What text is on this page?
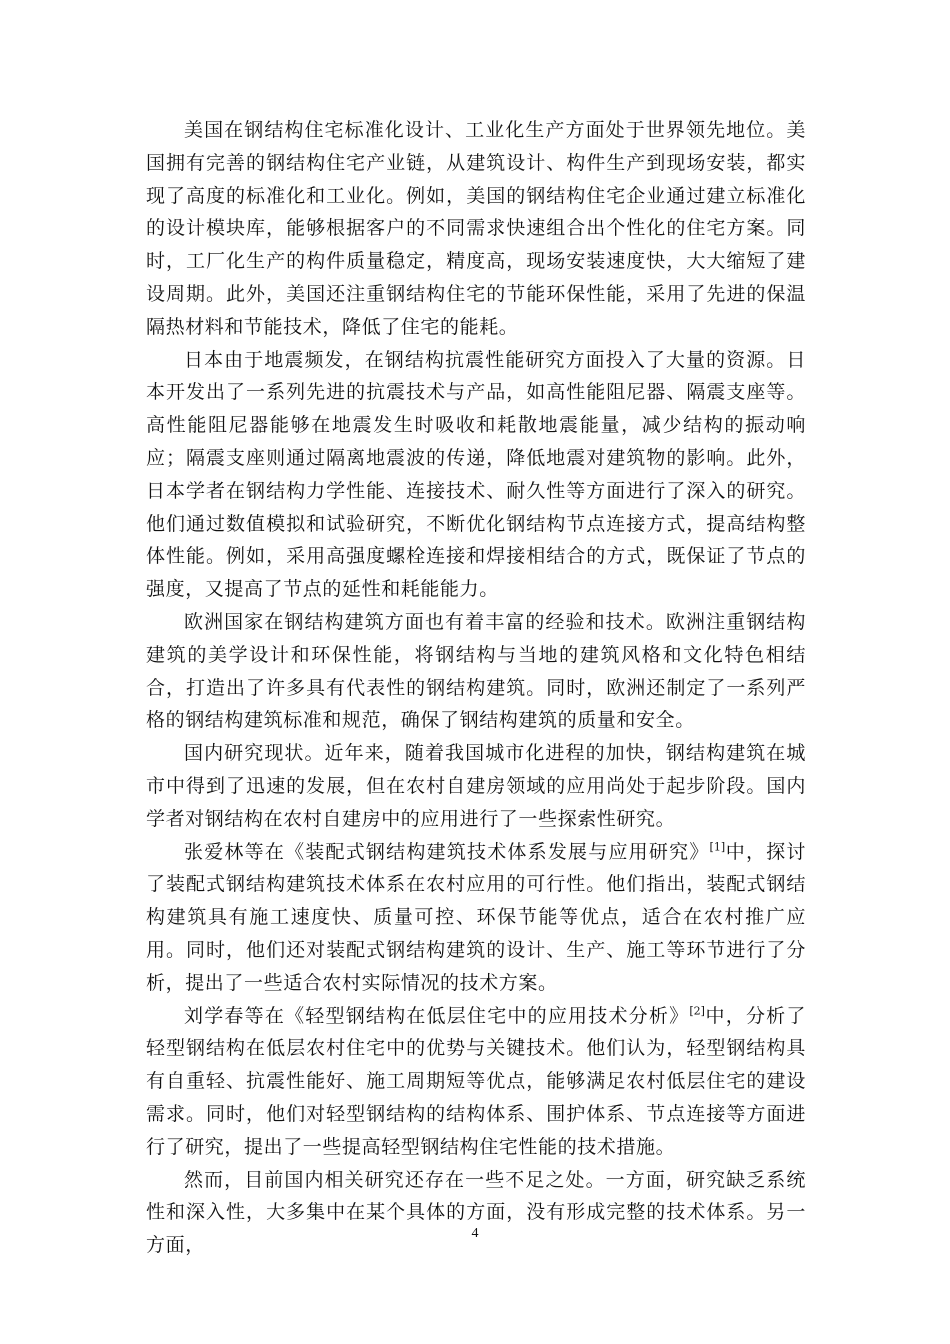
美国在钢结构住宅标准化设计、工业化生产方面处于世界领先地位。美国拥有完善的钢结构住宅产业链，从建筑设计、构件生产到现场安装，都实现了高度的标准化和工业化。例如，美国的钢结构住宅企业通过建立标准化的设计模块库，能够根据客户的不同需求快速组合出个性化的住宅方案。同时，工厂化生产的构件质量稳定，精度高，现场安装速度快，大大缩短了建设周期。此外，美国还注重钢结构住宅的节能环保性能，采用了先进的保温隔热材料和节能技术，降低了住宅的能耗。

日本由于地震频发，在钢结构抗震性能研究方面投入了大量的资源。日本开发出了一系列先进的抗震技术与产品，如高性能阻尼器、隔震支座等。高性能阻尼器能够在地震发生时吸收和耗散地震能量，减少结构的振动响应；隔震支座则通过隔离地震波的传递，降低地震对建筑物的影响。此外，日本学者在钢结构力学性能、连接技术、耐久性等方面进行了深入的研究。他们通过数值模拟和试验研究，不断优化钢结构节点连接方式，提高结构整体性能。例如，采用高强度螺栓连接和焊接相结合的方式，既保证了节点的强度，又提高了节点的延性和耗能能力。

欧洲国家在钢结构建筑方面也有着丰富的经验和技术。欧洲注重钢结构建筑的美学设计和环保性能，将钢结构与当地的建筑风格和文化特色相结合，打造出了许多具有代表性的钢结构建筑。同时，欧洲还制定了一系列严格的钢结构建筑标准和规范，确保了钢结构建筑的质量和安全。

国内研究现状。近年来，随着我国城市化进程的加快，钢结构建筑在城市中得到了迅速的发展，但在农村自建房领域的应用尚处于起步阶段。国内学者对钢结构在农村自建房中的应用进行了一些探索性研究。

张爱林等在《装配式钢结构建筑技术体系发展与应用研究》[1]中，探讨了装配式钢结构建筑技术体系在农村应用的可行性。他们指出，装配式钢结构建筑具有施工速度快、质量可控、环保节能等优点，适合在农村推广应用。同时，他们还对装配式钢结构建筑的设计、生产、施工等环节进行了分析，提出了一些适合农村实际情况的技术方案。

刘学春等在《轻型钢结构在低层住宅中的应用技术分析》[2]中，分析了轻型钢结构在低层农村住宅中的优势与关键技术。他们认为，轻型钢结构具有自重轻、抗震性能好、施工周期短等优点，能够满足农村低层住宅的建设需求。同时，他们对轻型钢结构的结构体系、围护体系、节点连接等方面进行了研究，提出了一些提高轻型钢结构住宅性能的技术措施。

然而，目前国内相关研究还存在一些不足之处。一方面，研究缺乏系统性和深入性，大多集中在某个具体的方面，没有形成完整的技术体系。另一方面，

4
